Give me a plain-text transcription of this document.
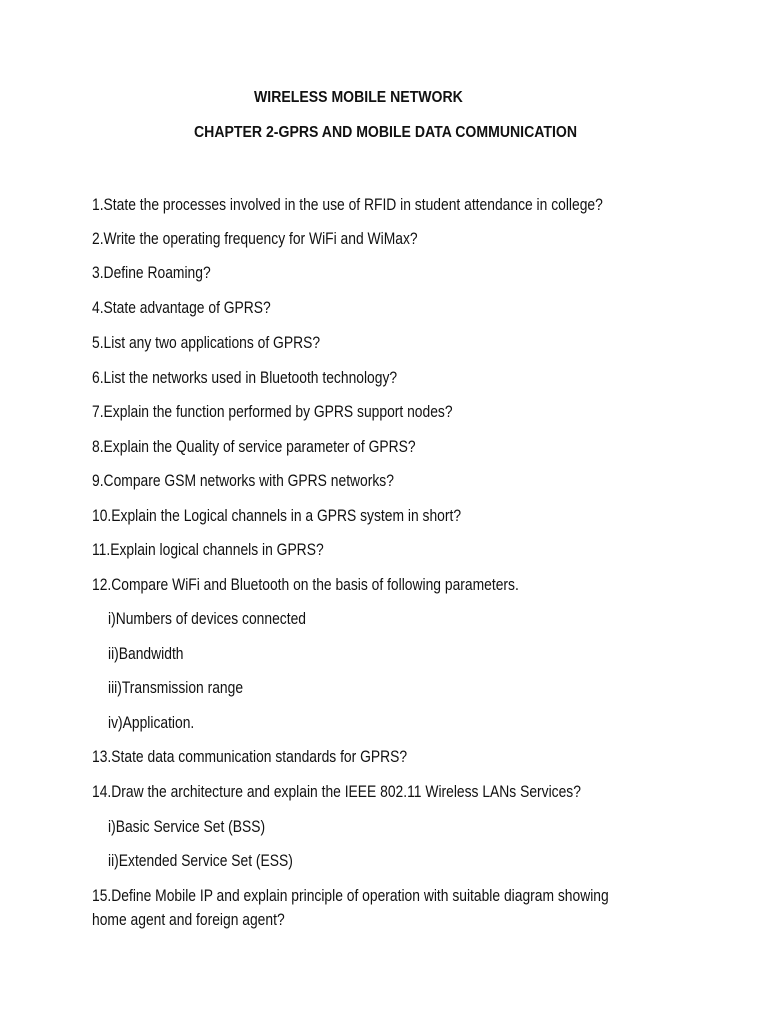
WIRELESS MOBILE NETWORK
CHAPTER 2-GPRS AND MOBILE DATA COMMUNICATION
1.State the processes involved in the use of RFID in student attendance in college?
2.Write the operating frequency for WiFi and WiMax?
3.Define Roaming?
4.State advantage of GPRS?
5.List any two applications of GPRS?
6.List the networks used in Bluetooth technology?
7.Explain the function performed by GPRS support nodes?
8.Explain the Quality of service parameter of GPRS?
9.Compare GSM networks with GPRS networks?
10.Explain the Logical channels in a GPRS system in short?
11.Explain logical channels in GPRS?
12.Compare WiFi and Bluetooth on the basis of following parameters.
i)Numbers of devices connected
ii)Bandwidth
iii)Transmission range
iv)Application.
13.State data communication standards for GPRS?
14.Draw the architecture and explain the IEEE 802.11 Wireless LANs Services?
i)Basic Service Set (BSS)
ii)Extended Service Set (ESS)
15.Define Mobile IP and explain principle of operation with suitable diagram showing
home agent and foreign agent?
